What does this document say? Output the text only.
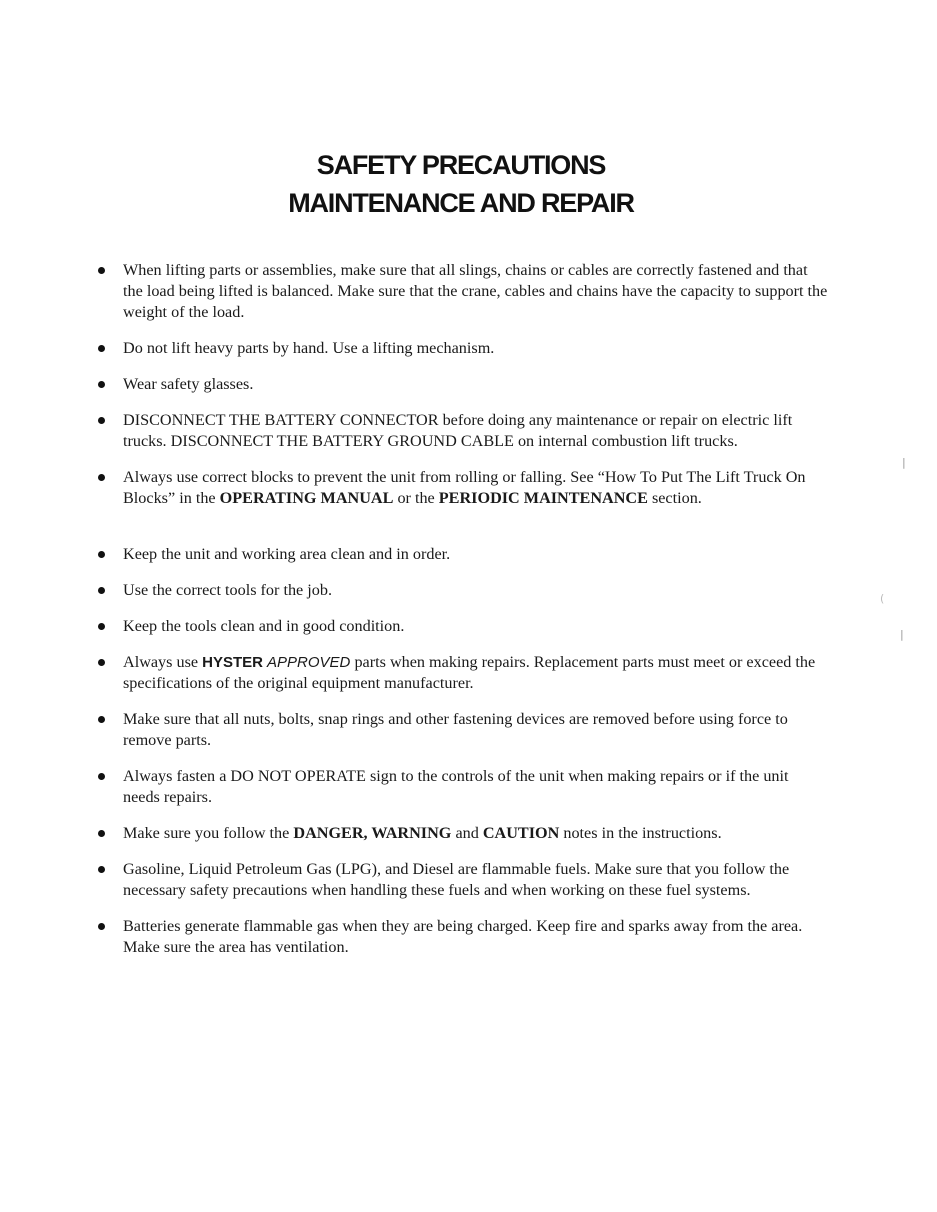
SAFETY PRECAUTIONS
MAINTENANCE AND REPAIR
When lifting parts or assemblies, make sure that all slings, chains or cables are correctly fastened and that the load being lifted is balanced. Make sure that the crane, cables and chains have the capacity to support the weight of the load.
Do not lift heavy parts by hand. Use a lifting mechanism.
Wear safety glasses.
DISCONNECT THE BATTERY CONNECTOR before doing any maintenance or repair on electric lift trucks. DISCONNECT THE BATTERY GROUND CABLE on internal combustion lift trucks.
Always use correct blocks to prevent the unit from rolling or falling. See “How To Put The Lift Truck On Blocks” in the OPERATING MANUAL or the PERIODIC MAINTENANCE section.
Keep the unit and working area clean and in order.
Use the correct tools for the job.
Keep the tools clean and in good condition.
Always use HYSTER APPROVED parts when making repairs. Replacement parts must meet or exceed the specifications of the original equipment manufacturer.
Make sure that all nuts, bolts, snap rings and other fastening devices are removed before using force to remove parts.
Always fasten a DO NOT OPERATE sign to the controls of the unit when making repairs or if the unit needs repairs.
Make sure you follow the DANGER, WARNING and CAUTION notes in the instructions.
Gasoline, Liquid Petroleum Gas (LPG), and Diesel are flammable fuels. Make sure that you follow the necessary safety precautions when handling these fuels and when working on these fuel systems.
Batteries generate flammable gas when they are being charged. Keep fire and sparks away from the area. Make sure the area has ventilation.
|
|
(
